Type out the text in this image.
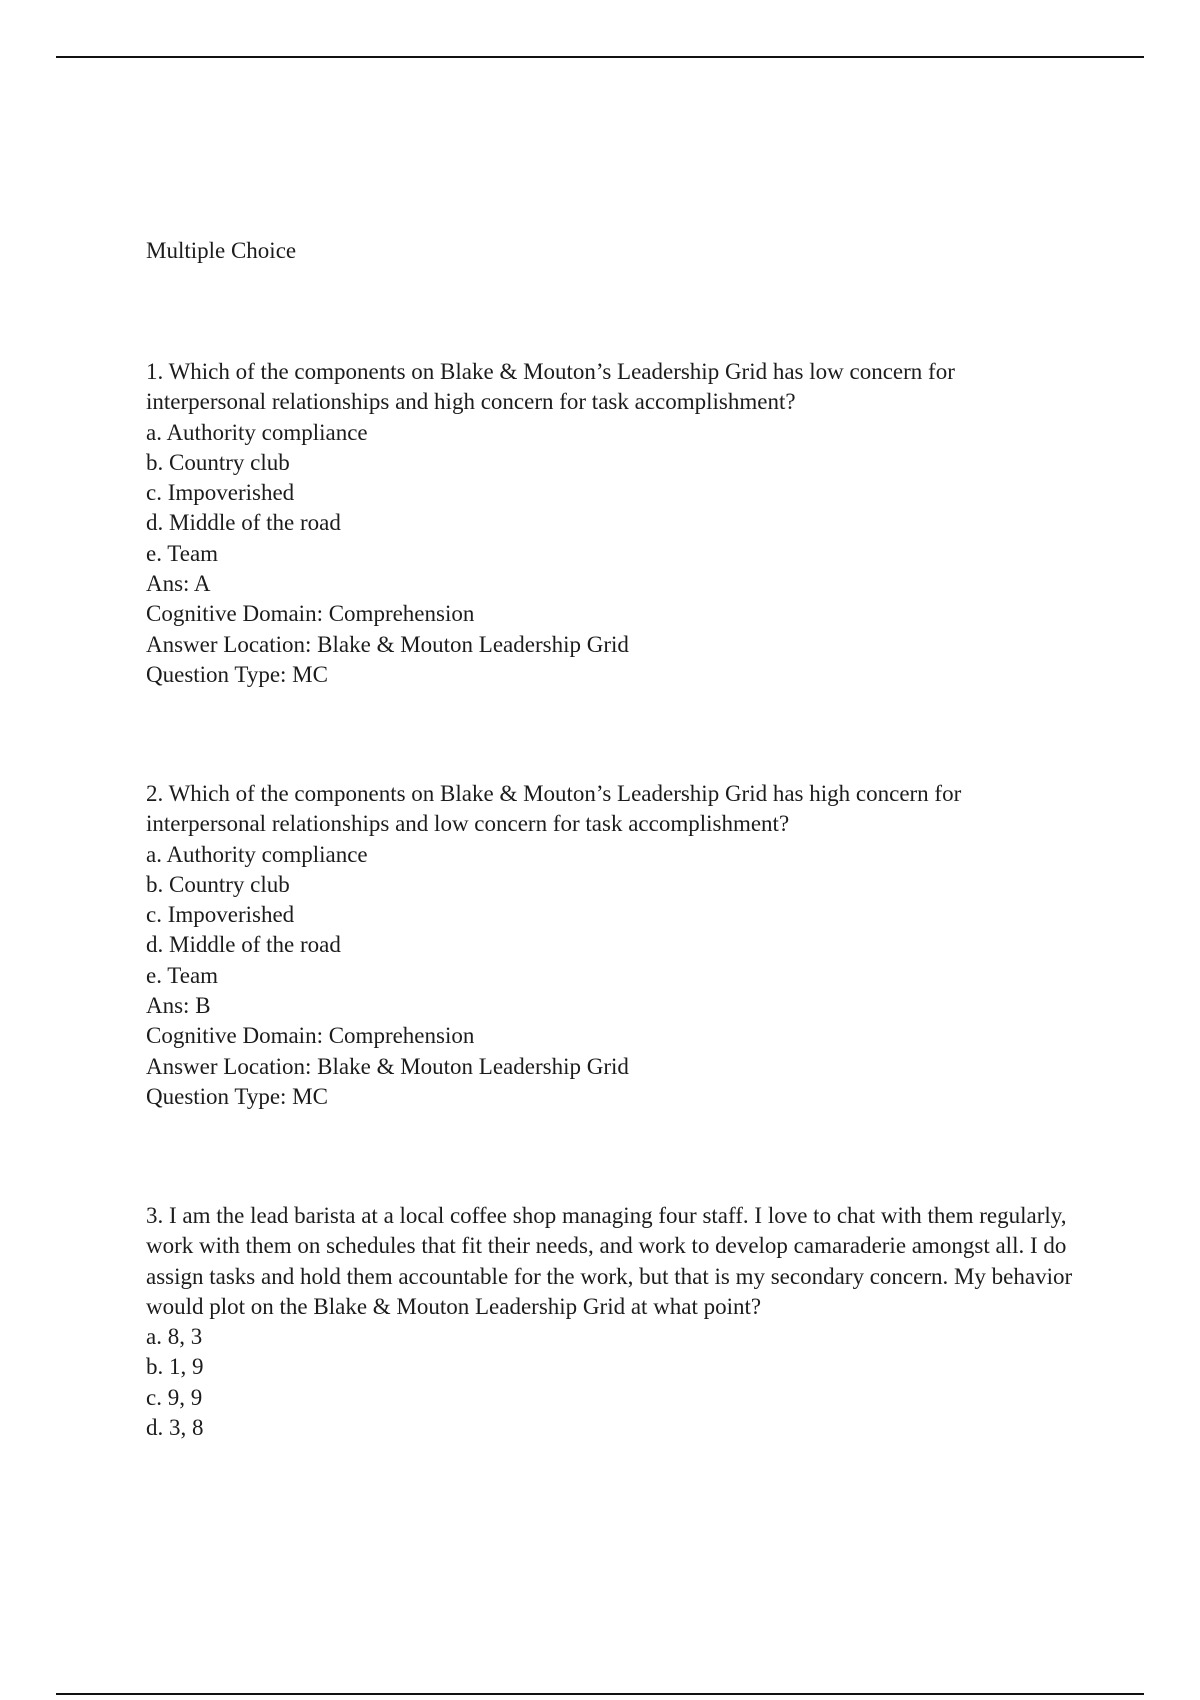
Multiple Choice
1. Which of the components on Blake & Mouton’s Leadership Grid has low concern for interpersonal relationships and high concern for task accomplishment?
a. Authority compliance
b. Country club
c. Impoverished
d. Middle of the road
e. Team
Ans: A
Cognitive Domain: Comprehension
Answer Location: Blake & Mouton Leadership Grid
Question Type: MC
2. Which of the components on Blake & Mouton’s Leadership Grid has high concern for interpersonal relationships and low concern for task accomplishment?
a. Authority compliance
b. Country club
c. Impoverished
d. Middle of the road
e. Team
Ans: B
Cognitive Domain: Comprehension
Answer Location: Blake & Mouton Leadership Grid
Question Type: MC
3. I am the lead barista at a local coffee shop managing four staff. I love to chat with them regularly, work with them on schedules that fit their needs, and work to develop camaraderie amongst all. I do assign tasks and hold them accountable for the work, but that is my secondary concern. My behavior would plot on the Blake & Mouton Leadership Grid at what point?
a. 8, 3
b. 1, 9
c. 9, 9
d. 3, 8
